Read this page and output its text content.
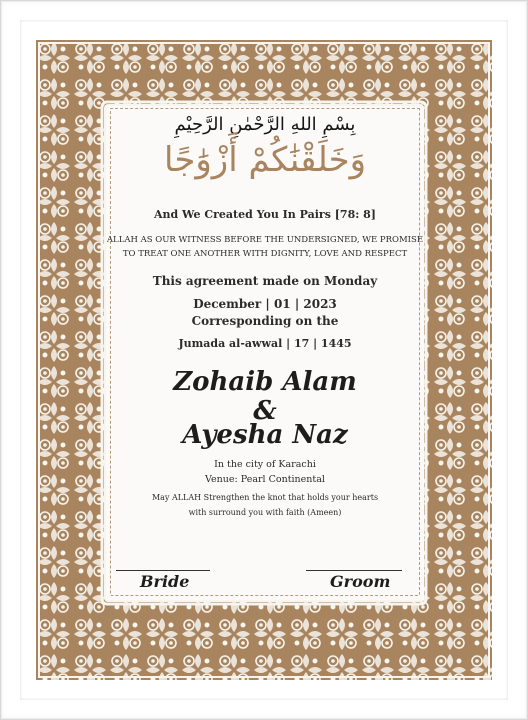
بِسْمِ اللهِ الرَّحْمٰنِ الرَّحِيْمِ
وَخَلَقْنَٰكُمْ أَزْوَٰجًا
And We Created You In Pairs [78: 8]
ALLAH AS OUR WITNESS BEFORE THE UNDERSIGNED, WE PROMISE
TO TREAT ONE ANOTHER WITH DIGNITY, LOVE AND RESPECT
This agreement made on Monday
December | 01 | 2023
Corresponding on the
Jumada al-awwal | 17 | 1445
Zohaib Alam
&
Ayesha Naz
In the city of Karachi
Venue: Pearl Continental
May ALLAH Strengthen the knot that holds your hearts
with surround you with faith (Ameen)
Bride	Groom
